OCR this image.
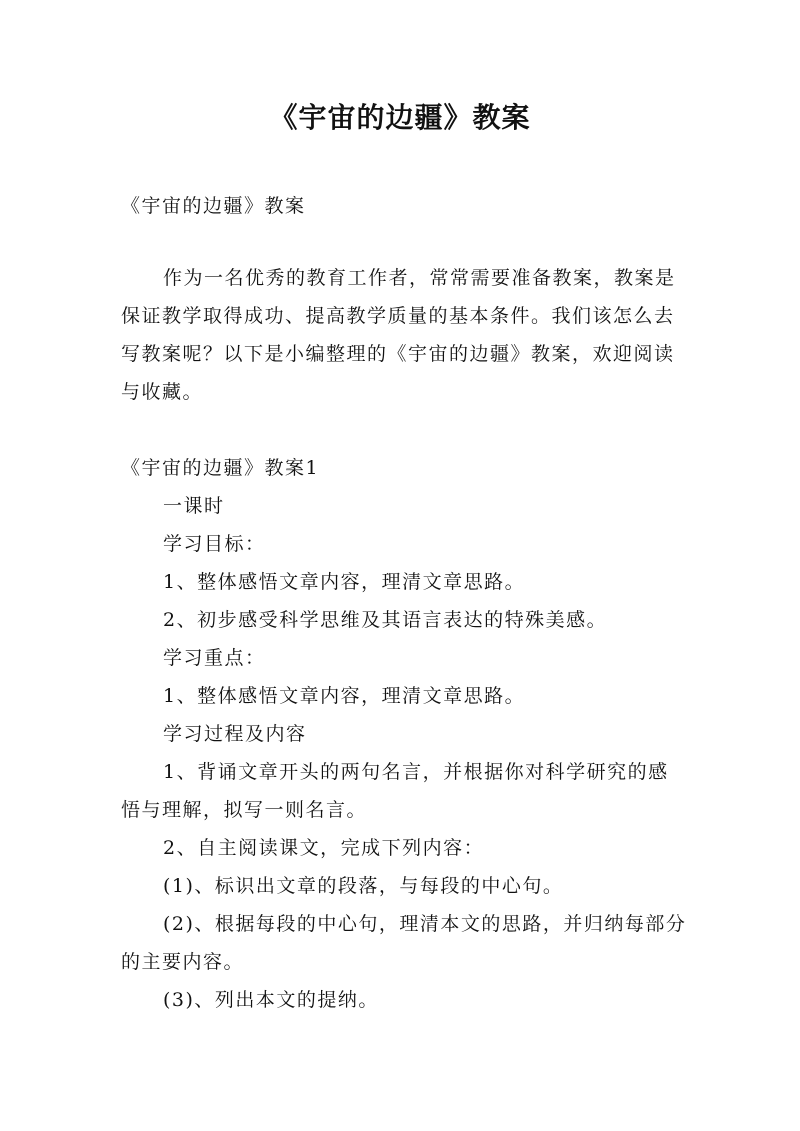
《宇宙的边疆》教案

《宇宙的边疆》教案

作为一名优秀的教育工作者，常常需要准备教案，教案是保证教学取得成功、提高教学质量的基本条件。我们该怎么去写教案呢？以下是小编整理的《宇宙的边疆》教案，欢迎阅读与收藏。

《宇宙的边疆》教案1

一课时

学习目标：

1、整体感悟文章内容，理清文章思路。

2、初步感受科学思维及其语言表达的特殊美感。

学习重点：

1、整体感悟文章内容，理清文章思路。

学习过程及内容

1、背诵文章开头的两句名言，并根据你对科学研究的感悟与理解，拟写一则名言。

2、自主阅读课文，完成下列内容：

(1)、标识出文章的段落，与每段的中心句。

(2)、根据每段的中心句，理清本文的思路，并归纳每部分的主要内容。

(3)、列出本文的提纳。
